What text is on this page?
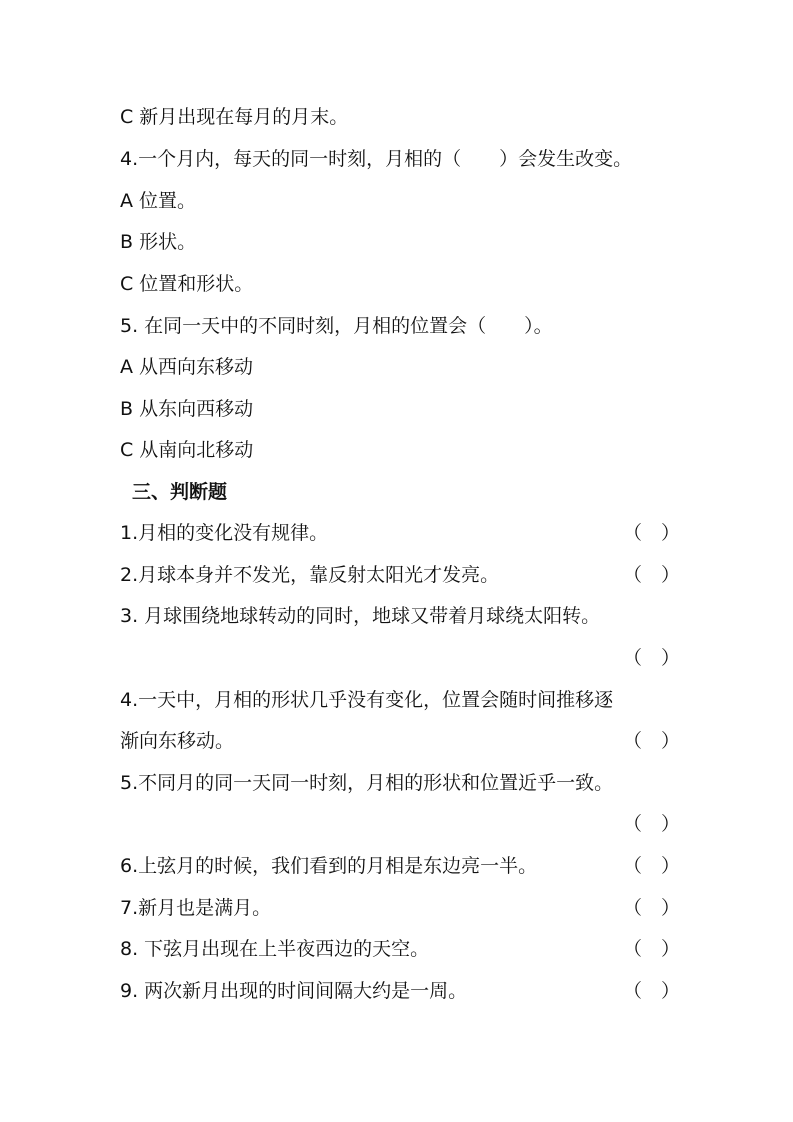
C 新月出现在每月的月末。
4.一个月内，每天的同一时刻，月相的（　　）会发生改变。
A 位置。
B 形状。
C 位置和形状。
5. 在同一天中的不同时刻，月相的位置会（　　）。
A 从西向东移动
B 从东向西移动
C 从南向北移动
三、判断题
1.月相的变化没有规律。	（　）
2.月球本身并不发光，靠反射太阳光才发亮。	（　）
3. 月球围绕地球转动的同时，地球又带着月球绕太阳转。
（　）
4.一天中，月相的形状几乎没有变化，位置会随时间推移逐
渐向东移动。	（　）
5.不同月的同一天同一时刻，月相的形状和位置近乎一致。
（　）
6.上弦月的时候，我们看到的月相是东边亮一半。	（　）
7.新月也是满月。	（　）
8. 下弦月出现在上半夜西边的天空。	（　）
9. 两次新月出现的时间间隔大约是一周。	（　）
